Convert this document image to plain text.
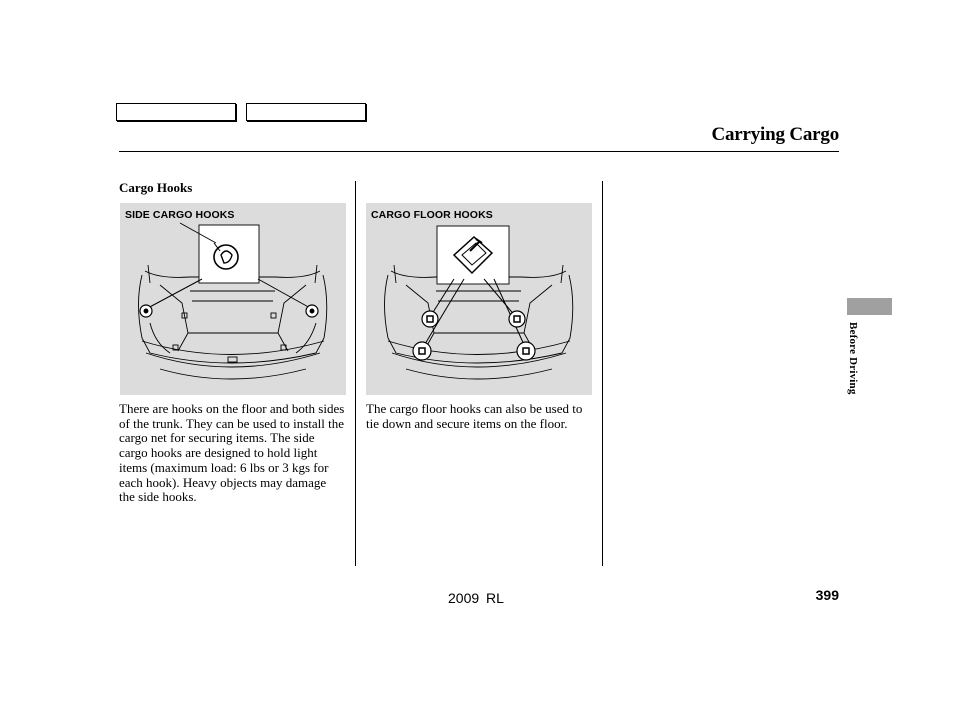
Carrying Cargo
Cargo Hooks
SIDE CARGO HOOKS	CARGO FLOOR HOOKS
There are hooks on the floor and both sides of the trunk. They can be used to install the cargo net for securing items. The side cargo hooks are designed to hold light items (maximum load: 6 lbs or 3 kgs for each hook). Heavy objects may damage the side hooks.
The cargo floor hooks can also be used to tie down and secure items on the floor.
Before Driving
2009 RL	399
